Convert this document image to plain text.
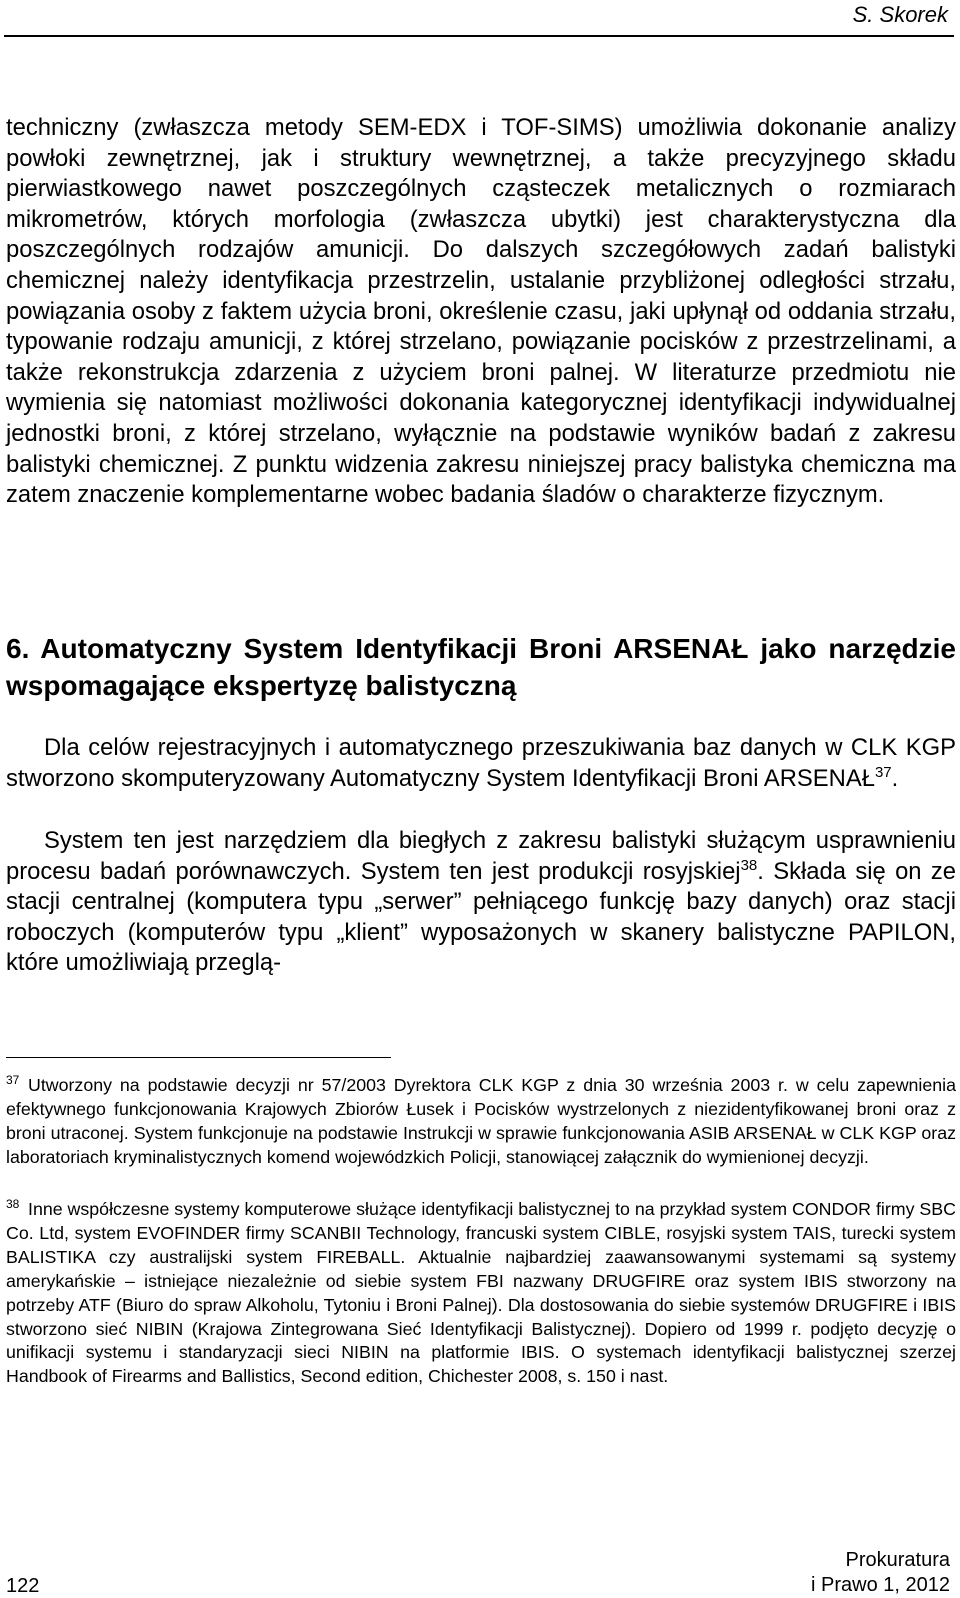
S. Skorek

techniczny (zwłaszcza metody SEM-EDX i TOF-SIMS) umożliwia dokonanie analizy powłoki zewnętrznej, jak i struktury wewnętrznej, a także precyzyjnego składu pierwiastkowego nawet poszczególnych cząsteczek metalicznych o rozmiarach mikrometrów, których morfologia (zwłaszcza ubytki) jest charakterystyczna dla poszczególnych rodzajów amunicji. Do dalszych szczegółowych zadań balistyki chemicznej należy identyfikacja przestrzelin, ustalanie przybliżonej odległości strzału, powiązania osoby z faktem użycia broni, określenie czasu, jaki upłynął od oddania strzału, typowanie rodzaju amunicji, z której strzelano, powiązanie pocisków z przestrzelinami, a także rekonstrukcja zdarzenia z użyciem broni palnej. W literaturze przedmiotu nie wymienia się natomiast możliwości dokonania kategorycznej identyfikacji indywidualnej jednostki broni, z której strzelano, wyłącznie na podstawie wyników badań z zakresu balistyki chemicznej. Z punktu widzenia zakresu niniejszej pracy balistyka chemiczna ma zatem znaczenie komplementarne wobec badania śladów o charakterze fizycznym.

6. Automatyczny System Identyfikacji Broni ARSENAŁ jako narzędzie wspomagające ekspertyzę balistyczną

Dla celów rejestracyjnych i automatycznego przeszukiwania baz danych w CLK KGP stworzono skomputeryzowany Automatyczny System Identyfikacji Broni ARSENAŁ$^{37}$.

System ten jest narzędziem dla biegłych z zakresu balistyki służącym usprawnieniu procesu badań porównawczych. System ten jest produkcji rosyjskiej$^{38}$. Składa się on ze stacji centralnej (komputera typu „serwer” pełniącego funkcję bazy danych) oraz stacji roboczych (komputerów typu „klient” wyposażonych w skanery balistyczne PAPILON, które umożliwiają przeglą-

37 Utworzony na podstawie decyzji nr 57/2003 Dyrektora CLK KGP z dnia 30 września 2003 r. w celu zapewnienia efektywnego funkcjonowania Krajowych Zbiorów Łusek i Pocisków wystrzelonych z niezidentyfikowanej broni oraz z broni utraconej. System funkcjonuje na podstawie Instrukcji w sprawie funkcjonowania ASIB ARSENAŁ w CLK KGP oraz laboratoriach kryminalistycznych komend wojewódzkich Policji, stanowiącej załącznik do wymienionej decyzji.

38 Inne współczesne systemy komputerowe służące identyfikacji balistycznej to na przykład system CONDOR firmy SBC Co. Ltd, system EVOFINDER firmy SCANBII Technology, francuski system CIBLE, rosyjski system TAIS, turecki system BALISTIKA czy australijski system FIREBALL. Aktualnie najbardziej zaawansowanymi systemami są systemy amerykańskie – istniejące niezależnie od siebie system FBI nazwany DRUGFIRE oraz system IBIS stworzony na potrzeby ATF (Biuro do spraw Alkoholu, Tytoniu i Broni Palnej). Dla dostosowania do siebie systemów DRUGFIRE i IBIS stworzono sieć NIBIN (Krajowa Zintegrowana Sieć Identyfikacji Balistycznej). Dopiero od 1999 r. podjęto decyzję o unifikacji systemu i standaryzacji sieci NIBIN na platformie IBIS. O systemach identyfikacji balistycznej szerzej Handbook of Firearms and Ballistics, Second edition, Chichester 2008, s. 150 i nast.

122
Prokuratura
i Prawo 1, 2012
